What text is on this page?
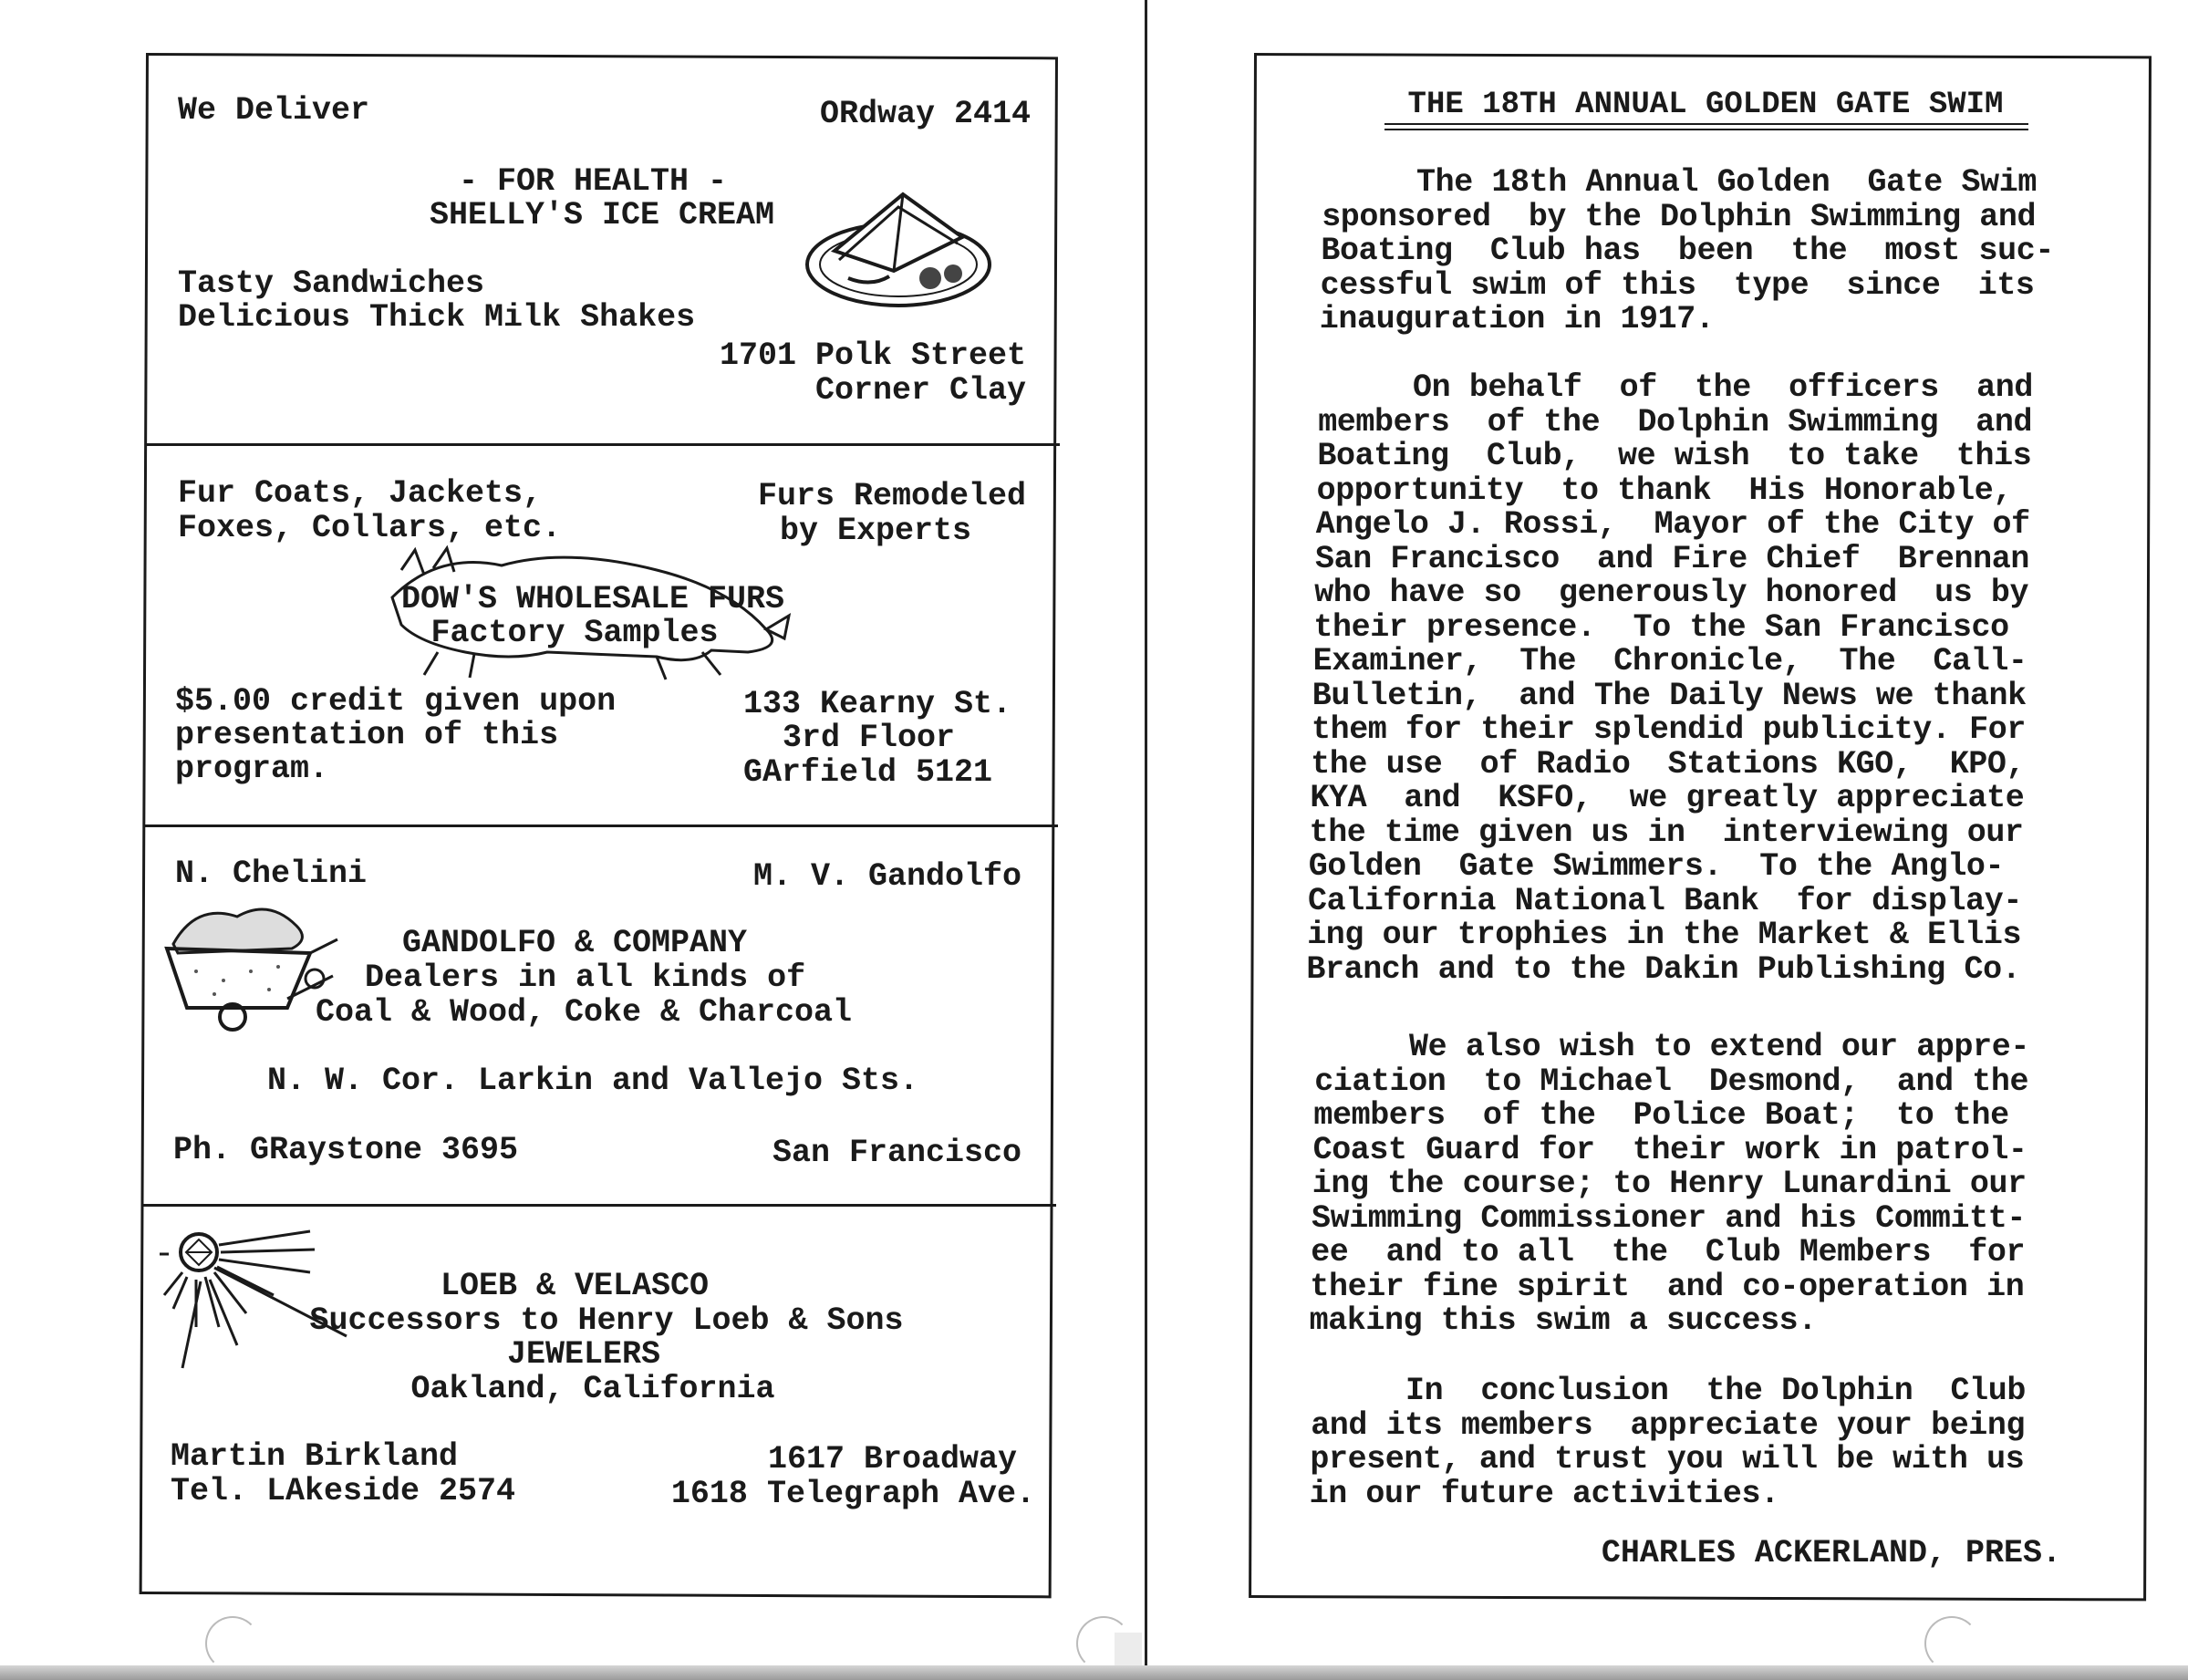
We Deliver	ORdway 2414
- FOR HEALTH -
SHELLY'S ICE CREAM
Tasty Sandwiches
Delicious Thick Milk Shakes
1701 Polk Street
Corner Clay
Fur Coats, Jackets,
Foxes, Collars, etc.
Furs Remodeled
by Experts
DOW'S WHOLESALE FURS
Factory Samples
$5.00 credit given upon
presentation of this
program.
133 Kearny St.
3rd Floor
GArfield 5121
N. Chelini	M. V. Gandolfo
GANDOLFO & COMPANY
Dealers in all kinds of
Coal & Wood, Coke & Charcoal
N. W. Cor. Larkin and Vallejo Sts.
Ph. GRaystone 3695	San Francisco
LOEB & VELASCO
Successors to Henry Loeb & Sons
JEWELERS
Oakland, California
Martin Birkland
Tel. LAkeside 2574
1617 Broadway
1618 Telegraph Ave.
THE 18TH ANNUAL GOLDEN GATE SWIM
The 18th Annual Golden  Gate Swim
sponsored  by the Dolphin Swimming and
Boating  Club has  been  the  most suc-
cessful swim of this  type  since  its
inauguration in 1917.
On behalf  of  the  officers  and
members  of the  Dolphin Swimming  and
Boating  Club,  we wish  to take  this
opportunity  to thank  His Honorable,
Angelo J. Rossi,  Mayor of the City of
San Francisco  and Fire Chief  Brennan
who have so  generously honored  us by
their presence.  To the San Francisco
Examiner,  The  Chronicle,  The  Call-
Bulletin,  and The Daily News we thank
them for their splendid publicity. For
the use  of Radio  Stations KGO,  KPO,
KYA  and  KSFO,  we greatly appreciate
the time given us in  interviewing our
Golden  Gate Swimmers.  To the Anglo-
California National Bank  for display-
ing our trophies in the Market & Ellis
Branch and to the Dakin Publishing Co.
We also wish to extend our appre-
ciation  to Michael  Desmond,  and the
members  of the  Police Boat;  to the
Coast Guard for  their work in patrol-
ing the course; to Henry Lunardini our
Swimming Commissioner and his Committ-
ee  and to all  the  Club Members  for
their fine spirit  and co-operation in
making this swim a success.
In  conclusion  the Dolphin  Club
and its members  appreciate your being
present, and trust you will be with us
in our future activities.
CHARLES ACKERLAND, PRES.
